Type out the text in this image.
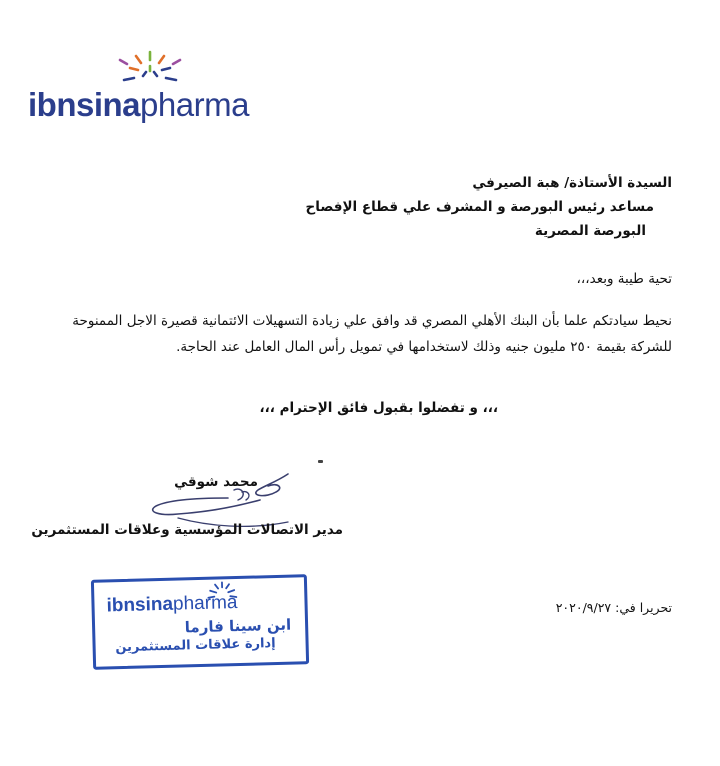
ibnsinapharma
السيدة الأستاذة/ هبة الصيرفي
مساعد رئيس البورصة و المشرف علي قطاع الإفصاح
البورصة المصرية
تحية طيبة وبعد،،،
نحيط سيادتكم علما بأن البنك الأهلي المصري قد وافق علي زيادة التسهيلات الائتمانية قصيرة الاجل الممنوحة
للشركة بقيمة ٢٥٠ مليون جنيه وذلك لاستخدامها في تمويل رأس المال العامل عند الحاجة.
،،، و تفضلوا بقبول فائق الإحترام ،،،
محمد شوقي
مدير الاتصالات المؤسسية وعلاقات المستثمرين
تحريرا في: ٢٠٢٠/٩/٢٧
ibnsinapharma
ابن سينا فارما
إدارة علاقات المستثمرين
